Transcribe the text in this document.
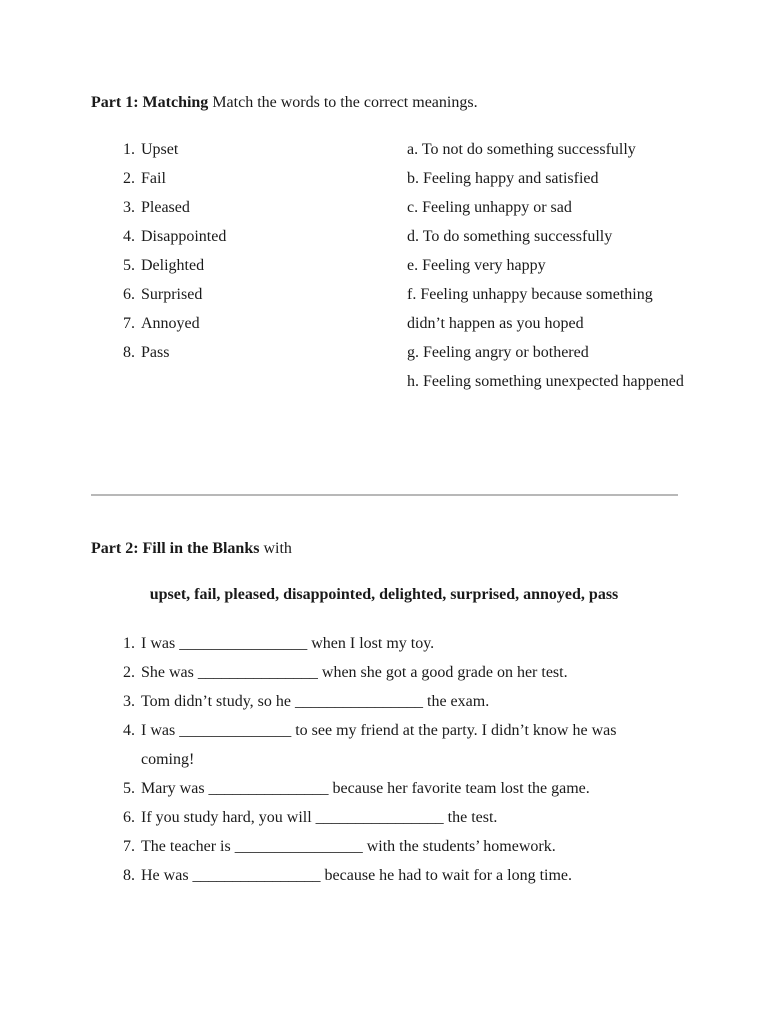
Part 1: Matching Match the words to the correct meanings.
1. Upset
2. Fail
3. Pleased
4. Disappointed
5. Delighted
6. Surprised
7. Annoyed
8. Pass
a. To not do something successfully
b. Feeling happy and satisfied
c. Feeling unhappy or sad
d. To do something successfully
e. Feeling very happy
f. Feeling unhappy because something didn’t happen as you hoped
g. Feeling angry or bothered
h. Feeling something unexpected happened
Part 2: Fill in the Blanks with

upset, fail, pleased, disappointed, delighted, surprised, annoyed, pass

1. I was ________________ when I lost my toy.
2. She was _______________ when she got a good grade on her test.
3. Tom didn’t study, so he ________________ the exam.
4. I was ______________ to see my friend at the party. I didn’t know he was coming!
5. Mary was _______________ because her favorite team lost the game.
6. If you study hard, you will ________________ the test.
7. The teacher is ________________ with the students’ homework.
8. He was ________________ because he had to wait for a long time.
